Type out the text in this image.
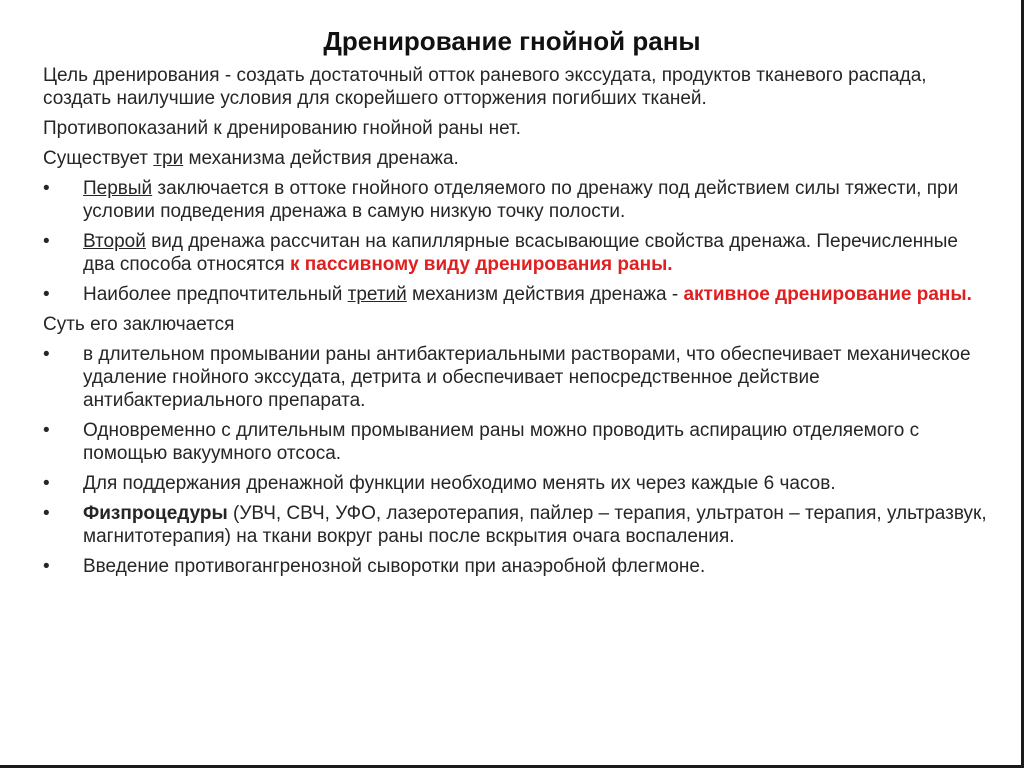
Дренирование гнойной раны

Цель дренирования - создать достаточный отток раневого экссудата, продуктов тканевого распада, создать наилучшие условия для скорейшего отторжения погибших тканей.

Противопоказаний к дренированию гнойной раны нет.

Существует три механизма действия дренажа.

•	Первый заключается в оттоке гнойного отделяемого по дренажу под действием силы тяжести, при условии подведения дренажа в самую низкую точку полости.
•	Второй вид дренажа рассчитан на капиллярные всасывающие свойства дренажа. Перечисленные два способа относятся к пассивному виду дренирования раны.
•	Наиболее предпочтительный третий механизм действия дренажа - активное дренирование раны.

Суть его заключается

•	в длительном промывании раны антибактериальными растворами, что обеспечивает механическое удаление гнойного экссудата, детрита и обеспечивает непосредственное действие антибактериального препарата.
•	Одновременно с длительным промыванием раны можно проводить аспирацию отделяемого с помощью вакуумного отсоса.
•	Для поддержания дренажной функции необходимо менять их через каждые 6 часов.
•	Физпроцедуры (УВЧ, СВЧ, УФО, лазеротерапия, пайлер – терапия, ультратон – терапия, ультразвук, магнитотерапия) на ткани вокруг раны после вскрытия очага воспаления.
•	Введение противогангренозной сыворотки при анаэробной флегмоне.
